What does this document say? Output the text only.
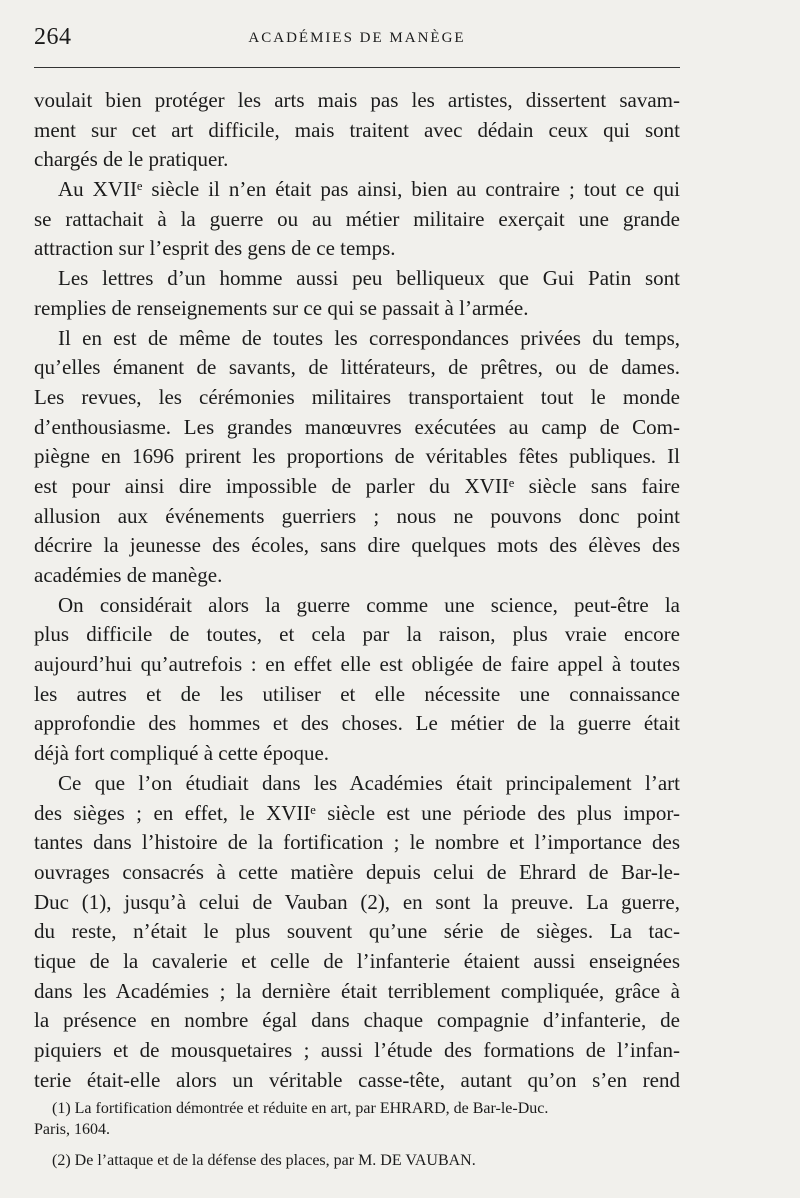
264	ACADÉMIES DE MANÈGE
voulait bien protéger les arts mais pas les artistes, dissertent savam-
ment sur cet art difficile, mais traitent avec dédain ceux qui sont
chargés de le pratiquer.
Au XVIIᵉ siècle il n’en était pas ainsi, bien au contraire ; tout ce qui
se rattachait à la guerre ou au métier militaire exerçait une grande
attraction sur l’esprit des gens de ce temps.
Les lettres d’un homme aussi peu belliqueux que Gui Patin sont
remplies de renseignements sur ce qui se passait à l’armée.
Il en est de même de toutes les correspondances privées du temps,
qu’elles émanent de savants, de littérateurs, de prêtres, ou de dames.
Les revues, les cérémonies militaires transportaient tout le monde
d’enthousiasme. Les grandes manœuvres exécutées au camp de Com-
piègne en 1696 prirent les proportions de véritables fêtes publiques. Il
est pour ainsi dire impossible de parler du XVIIᵉ siècle sans faire
allusion aux événements guerriers ; nous ne pouvons donc point
décrire la jeunesse des écoles, sans dire quelques mots des élèves des
académies de manège.
On considérait alors la guerre comme une science, peut-être la
plus difficile de toutes, et cela par la raison, plus vraie encore
aujourd’hui qu’autrefois : en effet elle est obligée de faire appel à toutes
les autres et de les utiliser et elle nécessite une connaissance
approfondie des hommes et des choses. Le métier de la guerre était
déjà fort compliqué à cette époque.
Ce que l’on étudiait dans les Académies était principalement l’art
des sièges ; en effet, le XVIIᵉ siècle est une période des plus impor-
tantes dans l’histoire de la fortification ; le nombre et l’importance des
ouvrages consacrés à cette matière depuis celui de Ehrard de Bar-le-
Duc (1), jusqu’à celui de Vauban (2), en sont la preuve. La guerre,
du reste, n’était le plus souvent qu’une série de sièges. La tac-
tique de la cavalerie et celle de l’infanterie étaient aussi enseignées
dans les Académies ; la dernière était terriblement compliquée, grâce à
la présence en nombre égal dans chaque compagnie d’infanterie, de
piquiers et de mousquetaires ; aussi l’étude des formations de l’infan-
terie était-elle alors un véritable casse-tête, autant qu’on s’en rend
(1) La fortification démontrée et réduite en art, par EHRARD, de Bar-le-Duc.
Paris, 1604.
(2) De l’attaque et de la défense des places, par M. DE VAUBAN.
